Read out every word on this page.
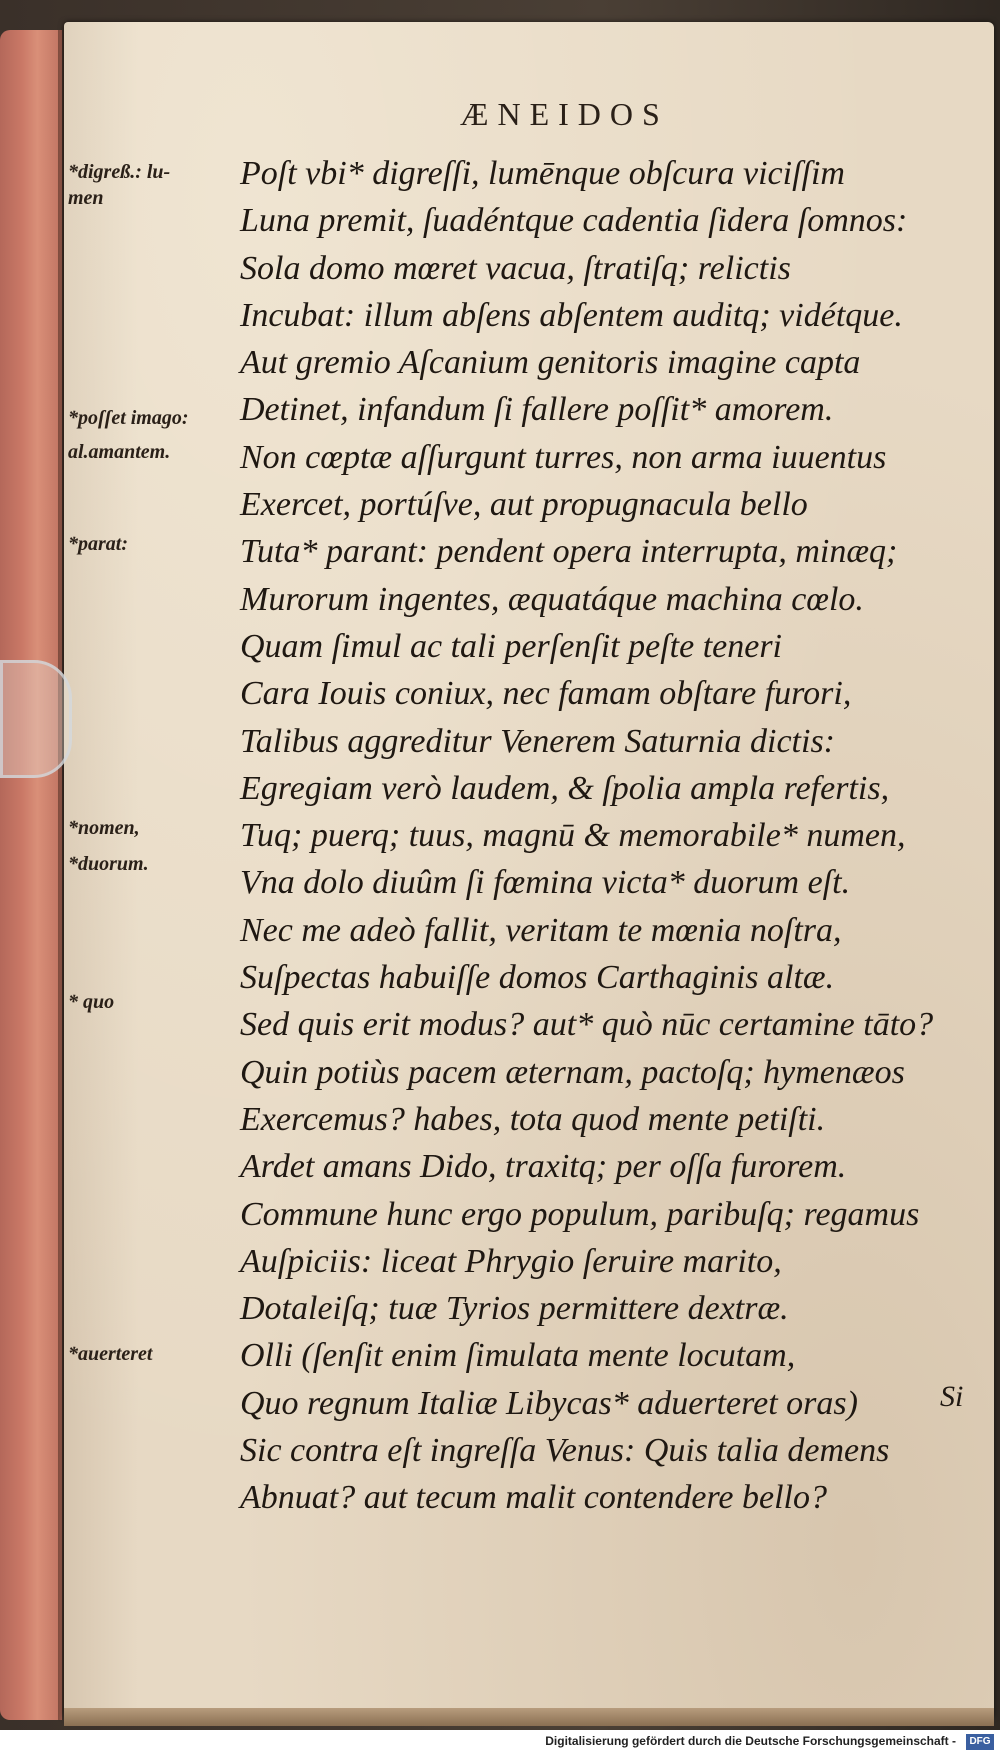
ÆNEIDOS
*digreß.: lu-
men
*poſſet imago:
al.amantem.
*parat:
*nomen,
*duorum.
* quo
*auerteret
Poſt vbi* digreſſi, lumēnque obſcura viciſſim
Luna premit, ſuadéntque cadentia ſidera ſomnos:
Sola domo mœret vacua, ſtratiſq; relictis
Incubat: illum abſens abſentem auditq; vidétque.
Aut gremio Aſcanium genitoris imagine capta
Detinet, infandum ſi fallere poſſit* amorem.
Non cœptæ aſſurgunt turres, non arma iuuentus
Exercet, portúſve, aut propugnacula bello
Tuta* parant: pendent opera interrupta, minæq;
Murorum ingentes, æquatáque machina cœlo.
Quam ſimul ac tali perſenſit peſte teneri
Cara Iouis coniux, nec famam obſtare furori,
Talibus aggreditur Venerem Saturnia dictis:
Egregiam verò laudem, & ſpolia ampla refertis,
Tuq; puerq; tuus, magnū & memorabile* numen,
Vna dolo diuûm ſi fœmina victa* duorum eſt.
Nec me adeò fallit, veritam te mœnia noſtra,
Suſpectas habuiſſe domos Carthaginis altæ.
Sed quis erit modus? aut* quò nūc certamine tāto?
Quin potiùs pacem æternam, pactoſq; hymenæos
Exercemus? habes, tota quod mente petiſti.
Ardet amans Dido, traxitq; per oſſa furorem.
Commune hunc ergo populum, paribuſq; regamus
Auſpiciis: liceat Phrygio ſeruire marito,
Dotaleiſq; tuæ Tyrios permittere dextræ.
Olli (ſenſit enim ſimulata mente locutam,
Quo regnum Italiæ Libycas* aduerteret oras)
Sic contra eſt ingreſſa Venus: Quis talia demens
Abnuat? aut tecum malit contendere bello?
Si
Digitalisierung gefördert durch die Deutsche Forschungsgemeinschaft -	DFG
